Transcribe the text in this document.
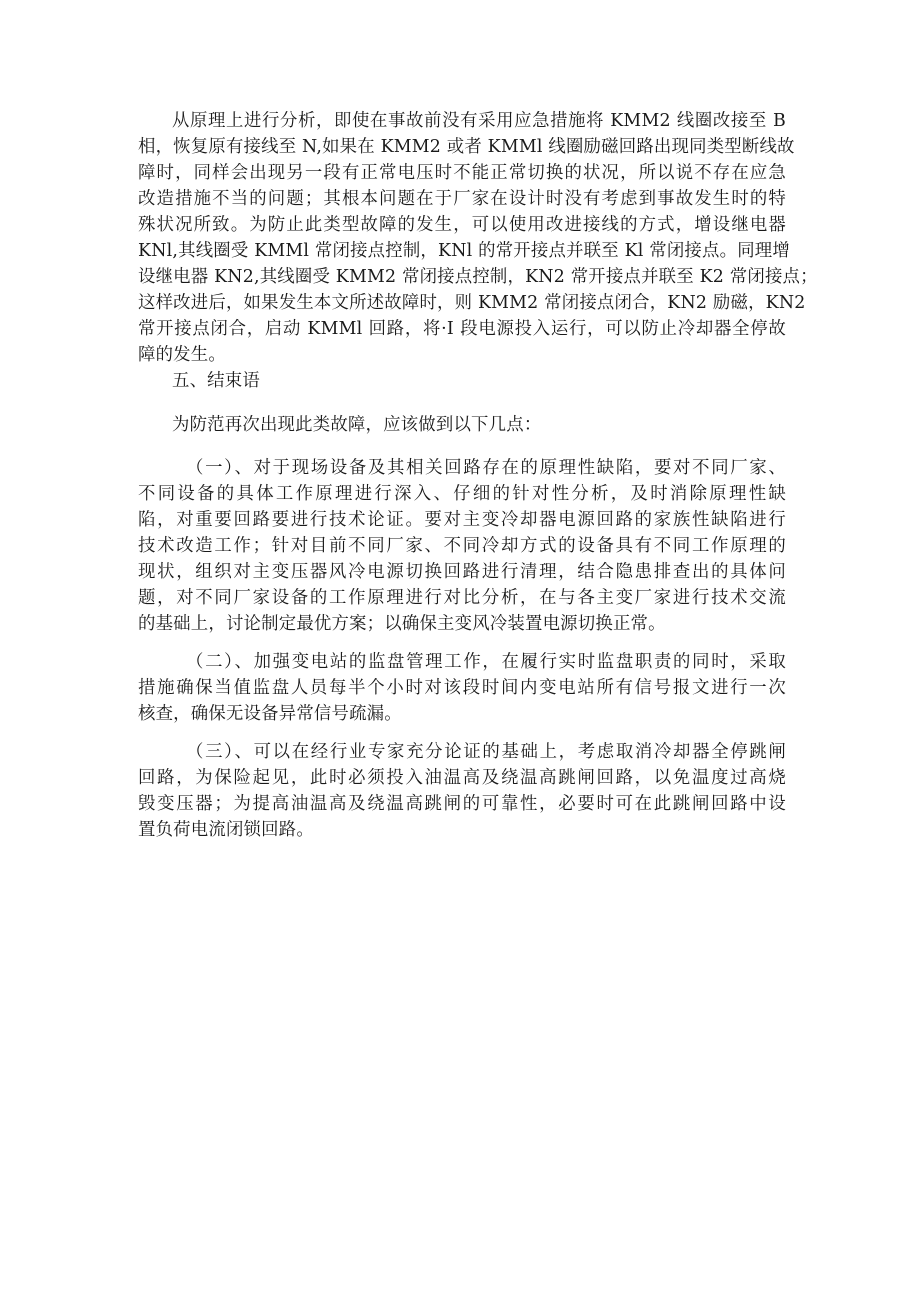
从原理上进行分析，即使在事故前没有采用应急措施将 KMM2 线圈改接至 B
相，恢复原有接线至 N,如果在 KMM2 或者 KMMl 线圈励磁回路出现同类型断线故
障时，同样会出现另一段有正常电压时不能正常切换的状况，所以说不存在应急
改造措施不当的问题；其根本问题在于厂家在设计时没有考虑到事故发生时的特
殊状况所致。为防止此类型故障的发生，可以使用改进接线的方式，增设继电器
KNl,其线圈受 KMMl 常闭接点控制，KNl 的常开接点并联至 Kl 常闭接点。同理增
设继电器 KN2,其线圈受 KMM2 常闭接点控制，KN2 常开接点并联至 K2 常闭接点；
这样改进后，如果发生本文所述故障时，则 KMM2 常闭接点闭合，KN2 励磁，KN2
常开接点闭合，启动 KMMl 回路，将·I 段电源投入运行，可以防止冷却器全停故
障的发生。
五、结束语
为防范再次出现此类故障，应该做到以下几点：
（一）、对于现场设备及其相关回路存在的原理性缺陷，要对不同厂家、
不同设备的具体工作原理进行深入、仔细的针对性分析，及时消除原理性缺
陷，对重要回路要进行技术论证。要对主变冷却器电源回路的家族性缺陷进行
技术改造工作；针对目前不同厂家、不同冷却方式的设备具有不同工作原理的
现状，组织对主变压器风冷电源切换回路进行清理，结合隐患排查出的具体问
题，对不同厂家设备的工作原理进行对比分析，在与各主变厂家进行技术交流
的基础上，讨论制定最优方案；以确保主变风冷装置电源切换正常。
（二）、加强变电站的监盘管理工作，在履行实时监盘职责的同时，采取
措施确保当值监盘人员每半个小时对该段时间内变电站所有信号报文进行一次
核查，确保无设备异常信号疏漏。
（三）、可以在经行业专家充分论证的基础上，考虑取消冷却器全停跳闸
回路，为保险起见，此时必须投入油温高及绕温高跳闸回路，以免温度过高烧
毁变压器；为提高油温高及绕温高跳闸的可靠性，必要时可在此跳闸回路中设
置负荷电流闭锁回路。
